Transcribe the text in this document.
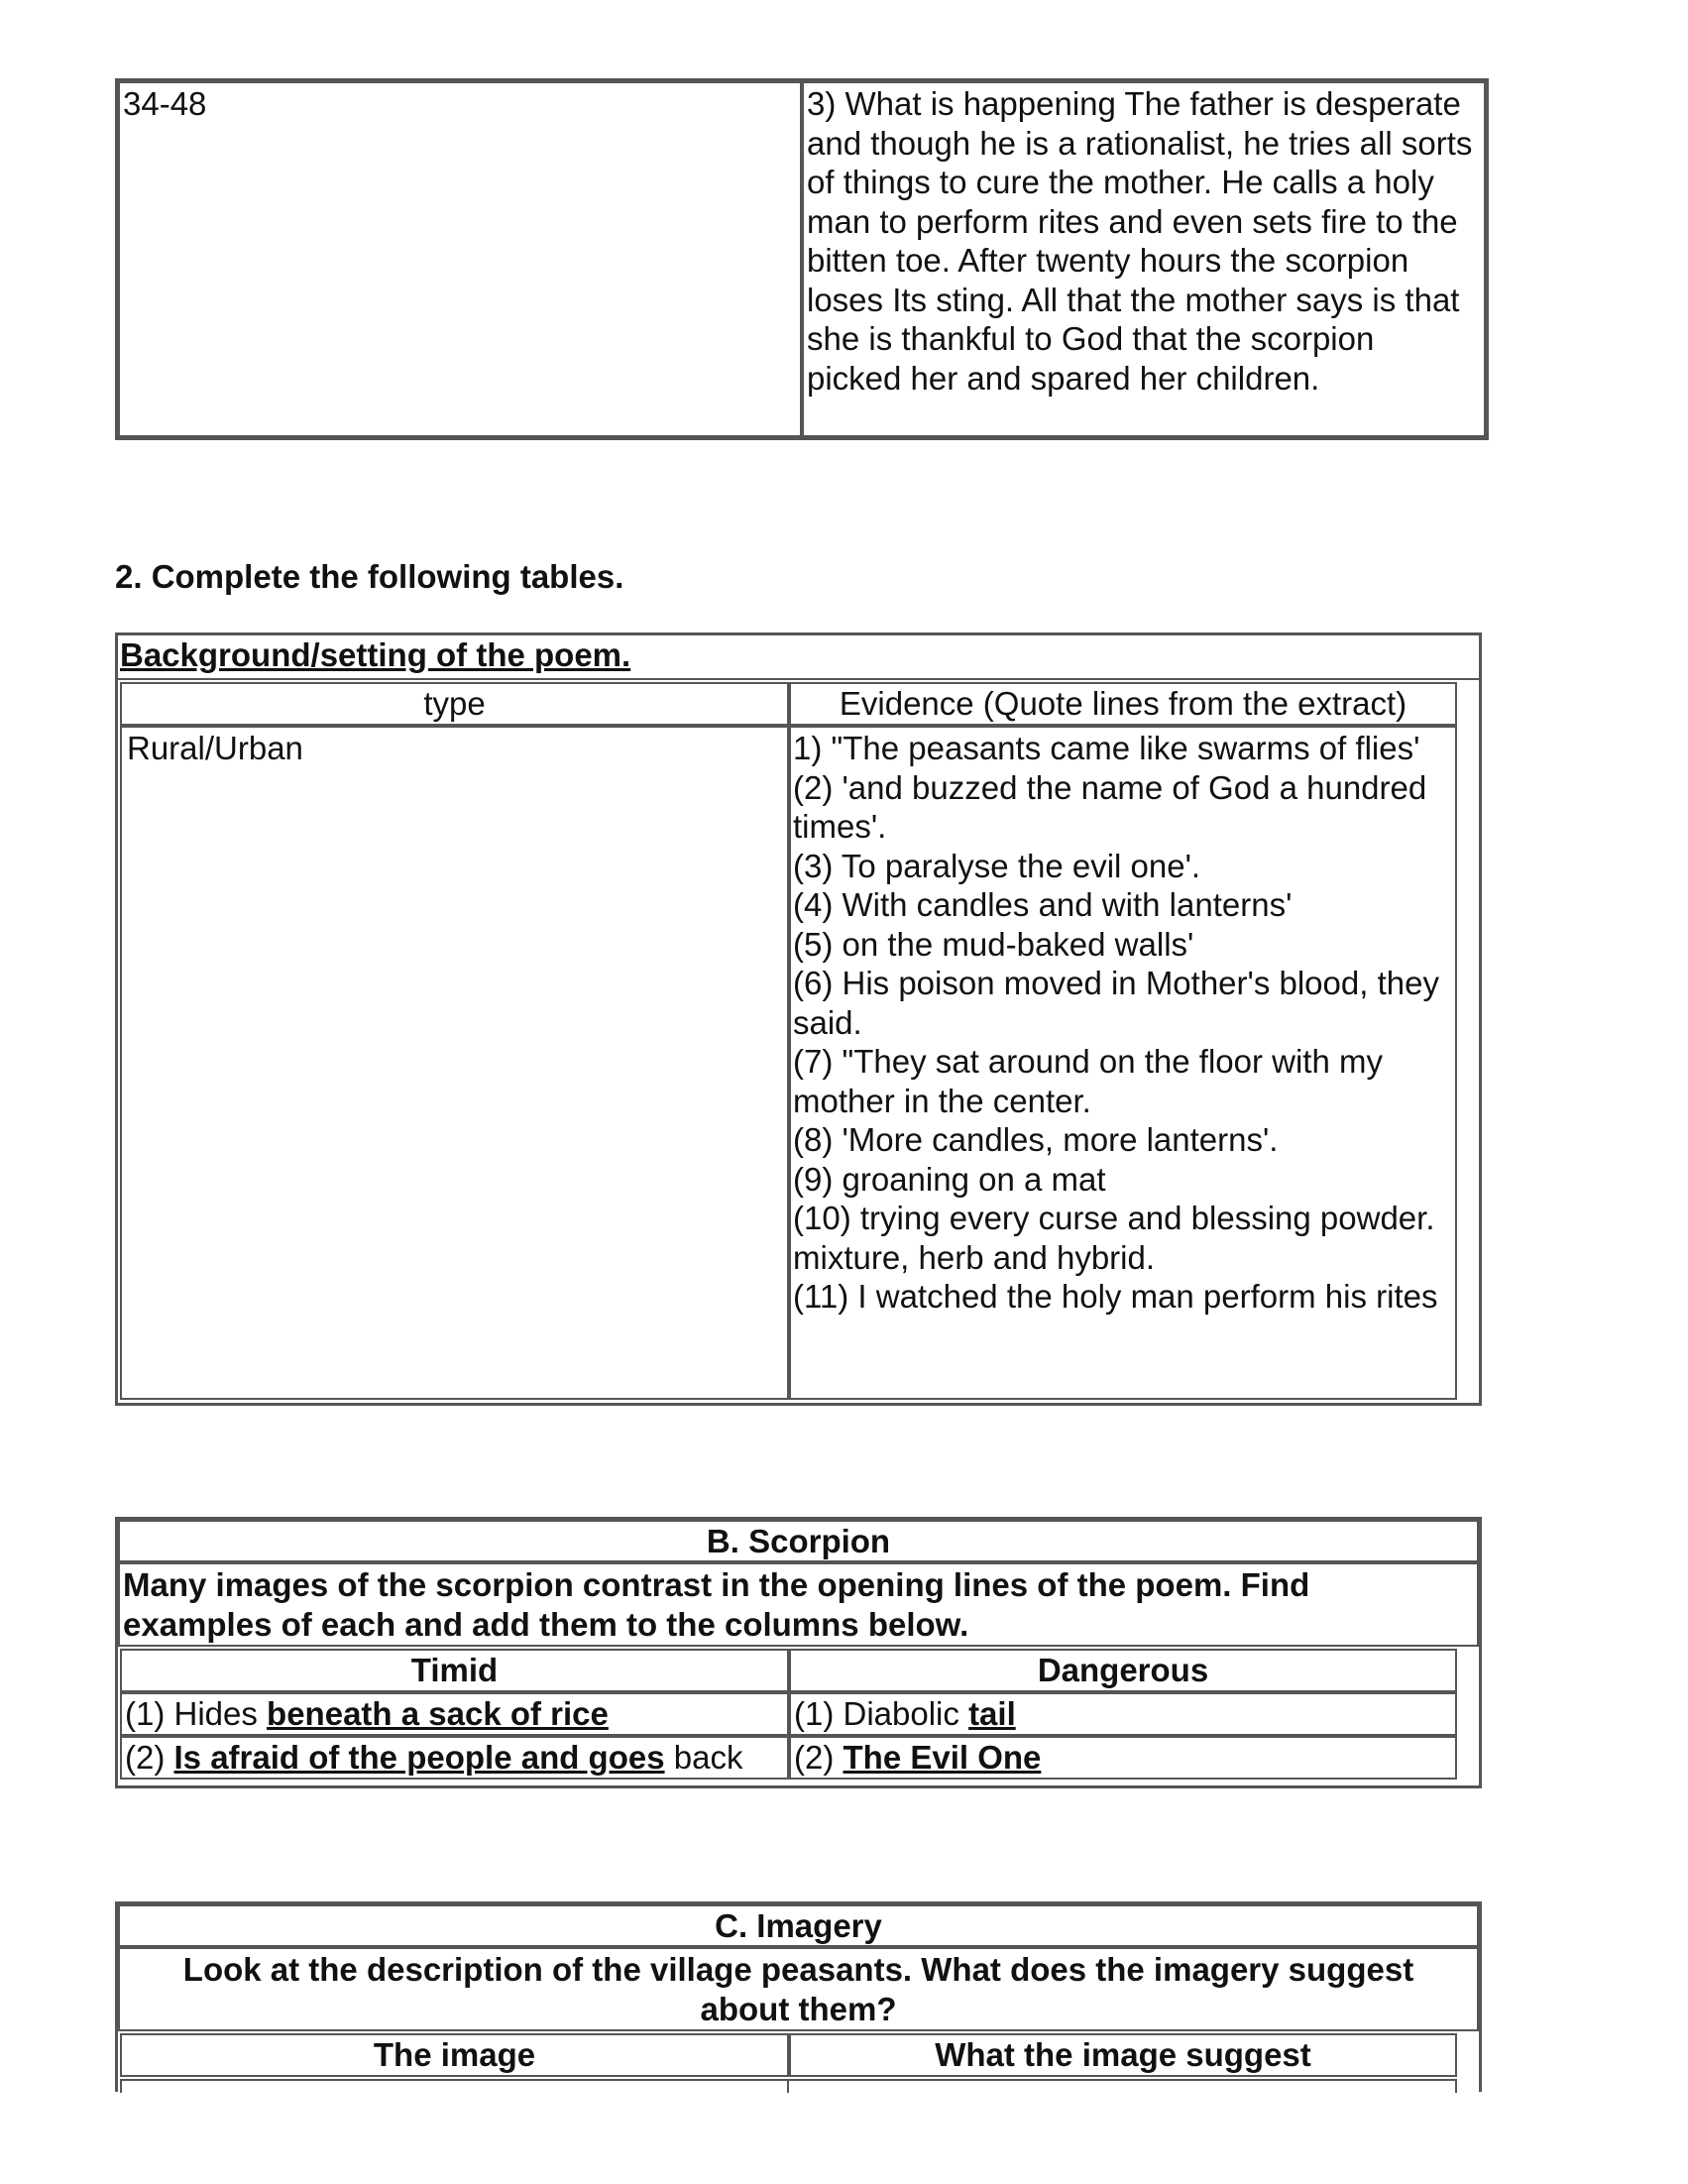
34-48	3) What is happening The father is desperate and though he is a rationalist, he tries all sorts of things to cure the mother. He calls a holy man to perform rites and even sets fire to the bitten toe. After twenty hours the scorpion loses Its sting. All that the mother says is that she is thankful to God that the scorpion picked her and spared her children.
2. Complete the following tables.
Background/setting of the poem.
type	Evidence (Quote lines from the extract)
Rural/Urban	1) "The peasants came like swarms of flies'
(2) 'and buzzed the name of God a hundred times'.
(3) To paralyse the evil one'.
(4) With candles and with lanterns'
(5) on the mud-baked walls'
(6) His poison moved in Mother's blood, they said.
(7) "They sat around on the floor with my mother in the center.
(8) 'More candles, more lanterns'.
(9) groaning on a mat
(10) trying every curse and blessing powder. mixture, herb and hybrid.
(11) I watched the holy man perform his rites
B. Scorpion
Many images of the scorpion contrast in the opening lines of the poem. Find examples of each and add them to the columns below.
Timid	Dangerous
(1) Hides beneath a sack of rice	(1) Diabolic tail
(2) Is afraid of the people and goes back	(2) The Evil One
C. Imagery
Look at the description of the village peasants. What does the imagery suggest about them?
The image	What the image suggest
